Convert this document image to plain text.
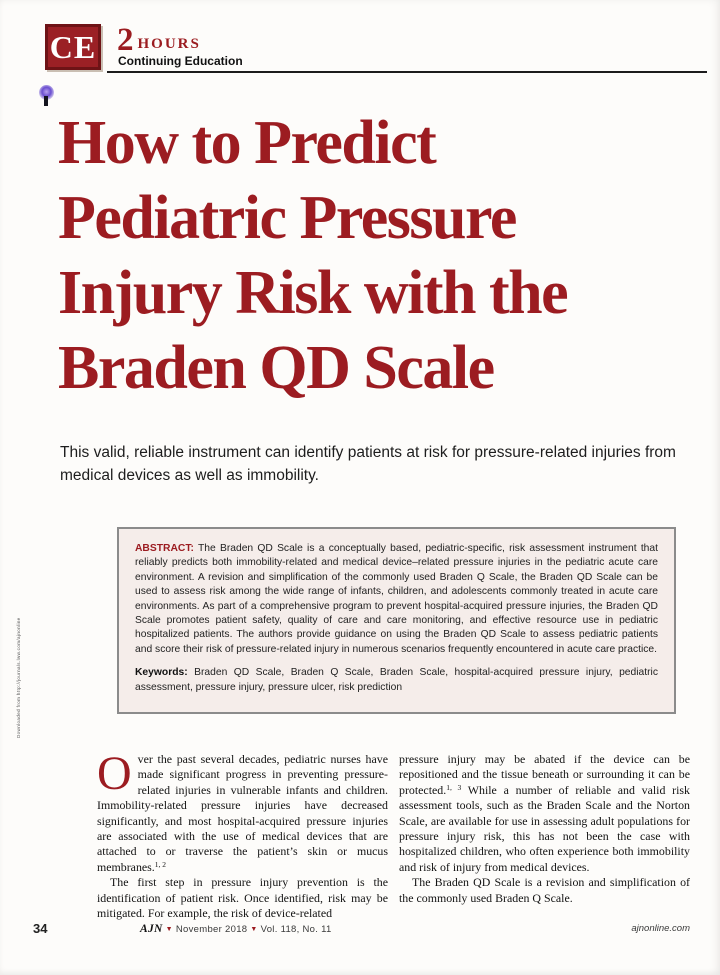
Downloaded from http://journals.lww.com/ajnonline
CE 2 HOURS
Continuing Education
How to Predict
Pediatric Pressure
Injury Risk with the
Braden QD Scale
This valid, reliable instrument can identify patients at risk for pressure-related injuries from medical devices as well as immobility.

ABSTRACT: The Braden QD Scale is a conceptually based, pediatric-specific, risk assessment instrument that reliably predicts both immobility-related and medical device–related pressure injuries in the pediatric acute care environment. A revision and simplification of the commonly used Braden Q Scale, the Braden QD Scale can be used to assess risk among the wide range of infants, children, and adolescents commonly treated in acute care environments. As part of a comprehensive program to prevent hospital-acquired pressure injuries, the Braden QD Scale promotes patient safety, quality of care and care monitoring, and effective resource use in pediatric hospitalized patients. The authors provide guidance on using the Braden QD Scale to assess pediatric patients and score their risk of pressure-related injury in numerous scenarios frequently encountered in acute care practice.

Keywords: Braden QD Scale, Braden Q Scale, Braden Scale, hospital-acquired pressure injury, pediatric assessment, pressure injury, pressure ulcer, risk prediction

Over the past several decades, pediatric nurses have made significant progress in preventing pressure-related injuries in vulnerable infants and children. Immobility-related pressure injuries have decreased significantly, and most hospital-acquired pressure injuries are associated with the use of medical devices that are attached to or traverse the patient’s skin or mucus membranes.$^{1, 2}$

The first step in pressure injury prevention is the identification of patient risk. Once identified, risk may be mitigated. For example, the risk of device-related

pressure injury may be abated if the device can be repositioned and the tissue beneath or surrounding it can be protected.$^{1, 3}$ While a number of reliable and valid risk assessment tools, such as the Braden Scale and the Norton Scale, are available for use in assessing adult populations for pressure injury risk, this has not been the case with hospitalized children, who often experience both immobility and risk of injury from medical devices.

The Braden QD Scale is a revision and simplification of the commonly used Braden Q Scale.

34	AJN ▼ November 2018 ▼ Vol. 118, No. 11	ajnonline.com
